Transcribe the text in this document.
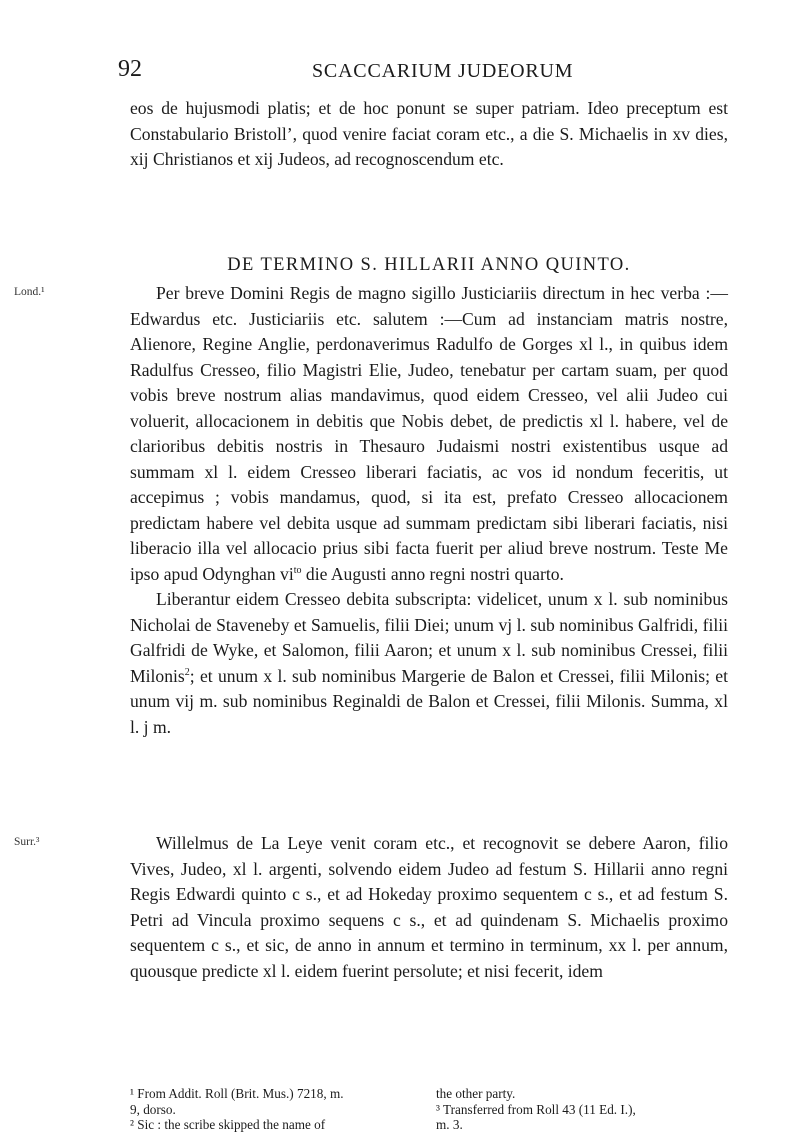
92	SCACCARIUM JUDEORUM

eos de hujusmodi platis; et de hoc ponunt se super patriam. Ideo preceptum est Constabulario Bristoll’, quod venire faciat coram etc., a die S. Michaelis in xv dies, xij Christianos et xij Judeos, ad recognoscendum etc.

DE TERMINO S. HILLARII ANNO QUINTO.
Lond.¹	Per breve Domini Regis de magno sigillo Justiciariis directum in hec verba :—Edwardus etc. Justiciariis etc. salutem :—Cum ad instanciam matris nostre, Alienore, Regine Anglie, perdonaverimus Radulfo de Gorges xl l., in quibus idem Radulfus Cresseo, filio Magistri Elie, Judeo, tenebatur per cartam suam, per quod vobis breve nostrum alias mandavimus, quod eidem Cresseo, vel alii Judeo cui voluerit, allocacionem in debitis que Nobis debet, de predictis xl l. habere, vel de clarioribus debitis nostris in Thesauro Judaismi nostri existentibus usque ad summam xl l. eidem Cresseo liberari faciatis, ac vos id nondum feceritis, ut accepimus ; vobis mandamus, quod, si ita est, prefato Cresseo allocacionem predictam habere vel debita usque ad summam predictam sibi liberari faciatis, nisi liberacio illa vel allocacio prius sibi facta fuerit per aliud breve nostrum. Teste Me ipso apud Odynghan $vi^{to}$ die Augusti anno regni nostri quarto.

Liberantur eidem Cresseo debita subscripta: videlicet, unum x l. sub nominibus Nicholai de Staveneby et Samuelis, filii Diei; unum vj l. sub nominibus Galfridi, filii Galfridi de Wyke, et Salomon, filii Aaron; et unum x l. sub nominibus Cressei, filii Milonis$^2$; et unum x l. sub nominibus Margerie de Balon et Cressei, filii Milonis; et unum vij m. sub nominibus Reginaldi de Balon et Cressei, filii Milonis. Summa, xl l. j m.

Surr.³	Willelmus de La Leye venit coram etc., et recognovit se debere Aaron, filio Vives, Judeo, xl l. argenti, solvendo eidem Judeo ad festum S. Hillarii anno regni Regis Edwardi quinto c s., et ad Hokeday proximo sequentem c s., et ad festum S. Petri ad Vincula proximo sequens c s., et ad quindenam S. Michaelis proximo sequentem c s., et sic, de anno in annum et termino in terminum, xx l. per annum, quousque predicte xl l. eidem fuerint persolute; et nisi fecerit, idem

¹ From Addit. Roll (Brit. Mus.) 7218, m.
9, dorso.
² Sic : the scribe skipped the name of
the other party.
³ Transferred from Roll 43 (11 Ed. I.),
m. 3.
